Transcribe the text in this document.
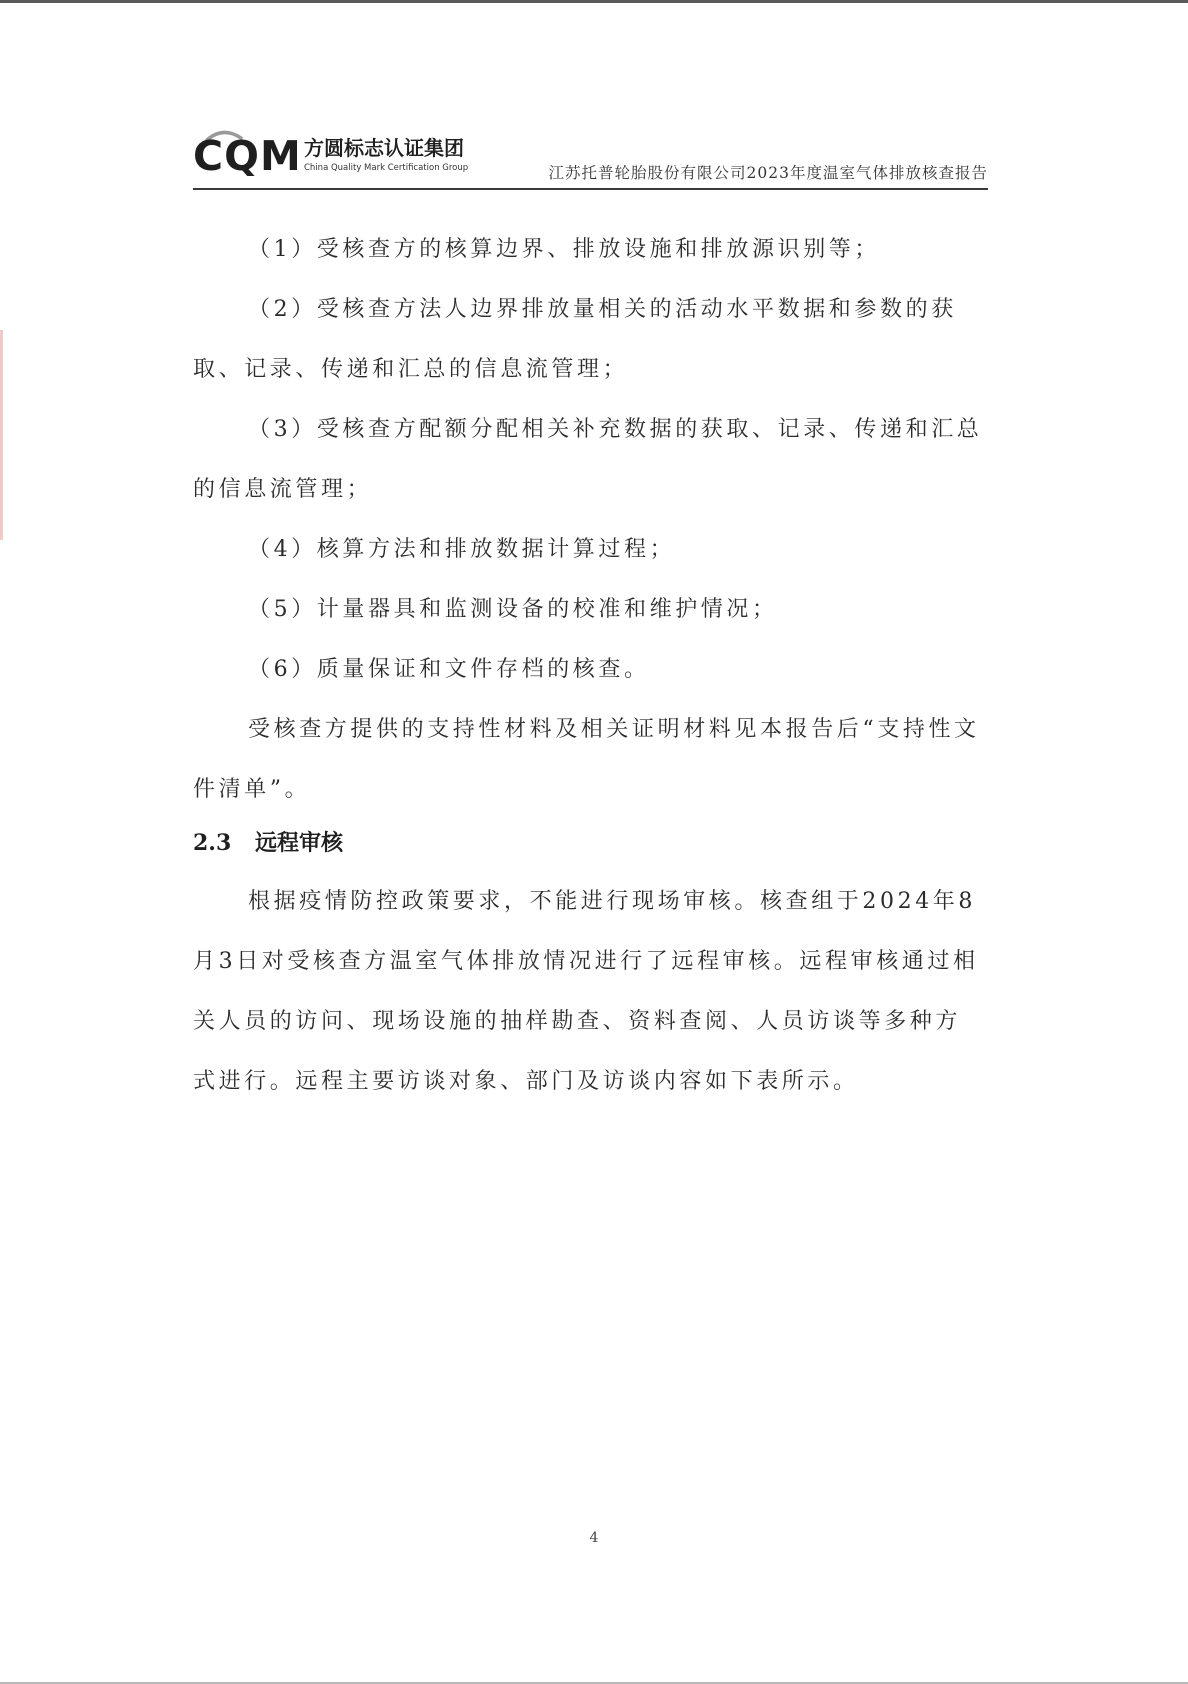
CQM 方圆标志认证集团
China Quality Mark Certification Group	江苏托普轮胎股份有限公司2023年度温室气体排放核查报告

（1）受核查方的核算边界、排放设施和排放源识别等；

（2）受核查方法人边界排放量相关的活动水平数据和参数的获取、记录、传递和汇总的信息流管理；

（3）受核查方配额分配相关补充数据的获取、记录、传递和汇总的信息流管理；

（4）核算方法和排放数据计算过程；

（5）计量器具和监测设备的校准和维护情况；

（6）质量保证和文件存档的核查。

受核查方提供的支持性材料及相关证明材料见本报告后“支持性文件清单”。

2.3 远程审核

根据疫情防控政策要求，不能进行现场审核。核查组于2024年8月3日对受核查方温室气体排放情况进行了远程审核。远程审核通过相关人员的访问、现场设施的抽样勘查、资料查阅、人员访谈等多种方式进行。远程主要访谈对象、部门及访谈内容如下表所示。

4
